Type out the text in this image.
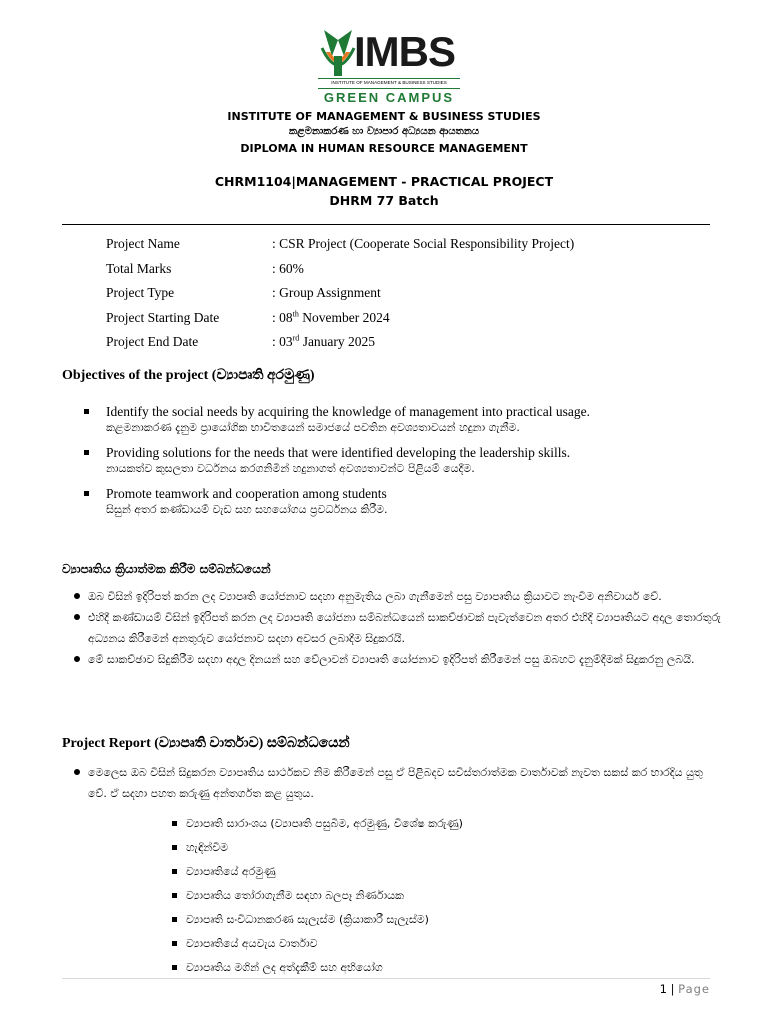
IMBS
INSTITUTE OF MANAGEMENT & BUSINESS STUDIES
GREEN CAMPUS
INSTITUTE OF MANAGEMENT & BUSINESS STUDIES
කළමනාකරණ හා ව්‍යාපාර අධ්‍යයන ආයතනය
DIPLOMA IN HUMAN RESOURCE MANAGEMENT
CHRM1104|MANAGEMENT - PRACTICAL PROJECT
DHRM 77 Batch
Project Name	: CSR Project (Cooperate Social Responsibility Project)
Total Marks	: 60%
Project Type	: Group Assignment
Project Starting Date	: 08th November 2024
Project End Date	: 03rd January 2025
Objectives of the project (ව්‍යාපෘති අරමුණු)
Identify the social needs by acquiring the knowledge of management into practical usage.
කළමනාකරණ දැනුම ප්‍රායෝගික භාවිතයෙන් සමාජයේ පවතින අවශ්‍යතාවයන් හදුනා ගැනීම.
Providing solutions for the needs that were identified developing the leadership skills.
නායකත්ව කුසලතා වර්ධනය කරගනිමින් හදුනාගත් අවශ්‍යතාවන්ට පිළියම් යෙදීම.
Promote teamwork and cooperation among students
සිසුන් අතර කණ්ඩායම් වැඩ සහ සහයෝගය ප්‍රවර්ධනය කිරීම.
ව්‍යාපෘතිය ක්‍රියාත්මක කිරීම සම්බන්ධයෙන්
ඔබ විසින් ඉදිරිපත් කරන ලද ව්‍යාපෘති යෝජනාව සදහා අනුමැතිය ලබා ගැනීමෙන් පසු ව්‍යාපෘතිය ක්‍රියාවට නැංවීම අනිවාර්ය වේ.
එහිදී කණ්ඩායම් විසින් ඉදිරිපත් කරන ලද ව්‍යාපෘති යෝජනා සම්බන්ධයෙන් සාකච්ඡාවක් පැවැත්වෙන අතර එහිදී ව්‍යාපෘතියට අදාල තොරතුරු අධ්‍යනය කිරීමෙන් අනතුරුව යෝජනාව සදහා අවසර ලබාදීම සිදුකරයි.
මේ සාකච්ඡාව සිදුකිරීම සදහා අදාල දිනයන් සහ වේලාවන් ව්‍යාපෘති යෝජනාව ඉදිරිපත් කිරීමෙන් පසු ඔබහට දැනුම්දීමක් සිදුකරනු ලබයි.
Project Report (ව්‍යාපෘති වාර්තාව) සම්බන්ධයෙන්
මෙලෙස ඔබ විසින් සිදුකරන ව්‍යාපෘතිය සාර්ථකව නිම කිරීමෙන් පසු ඒ පිළිබදව සවිස්තරාත්මක වාර්තාවක් නැවත සකස් කර භාරදිය යුතු වේ. ඒ සදහා පහත කරුණු අන්තර්ගත කළ යුතුය.
ව්‍යාපෘති සාරාංශය (ව්‍යාපෘති පසුබිම, අරමුණු, විශේෂ කරුණු)
හැඳින්වීම
ව්‍යාපෘතියේ අරමුණු
ව්‍යාපෘතිය තෝරාගැනීම සඳහා බලපෑ නිර්ණායක
ව්‍යාපෘති සංවිධානකරණ සැලැස්ම (ක්‍රියාකාරී සැලැස්ම)
ව්‍යාපෘතියේ අයවැය වාර්තාව
ව්‍යාපෘතිය මගින් ලද අත්දැකීම් සහ අභියෝග
1 | Page
